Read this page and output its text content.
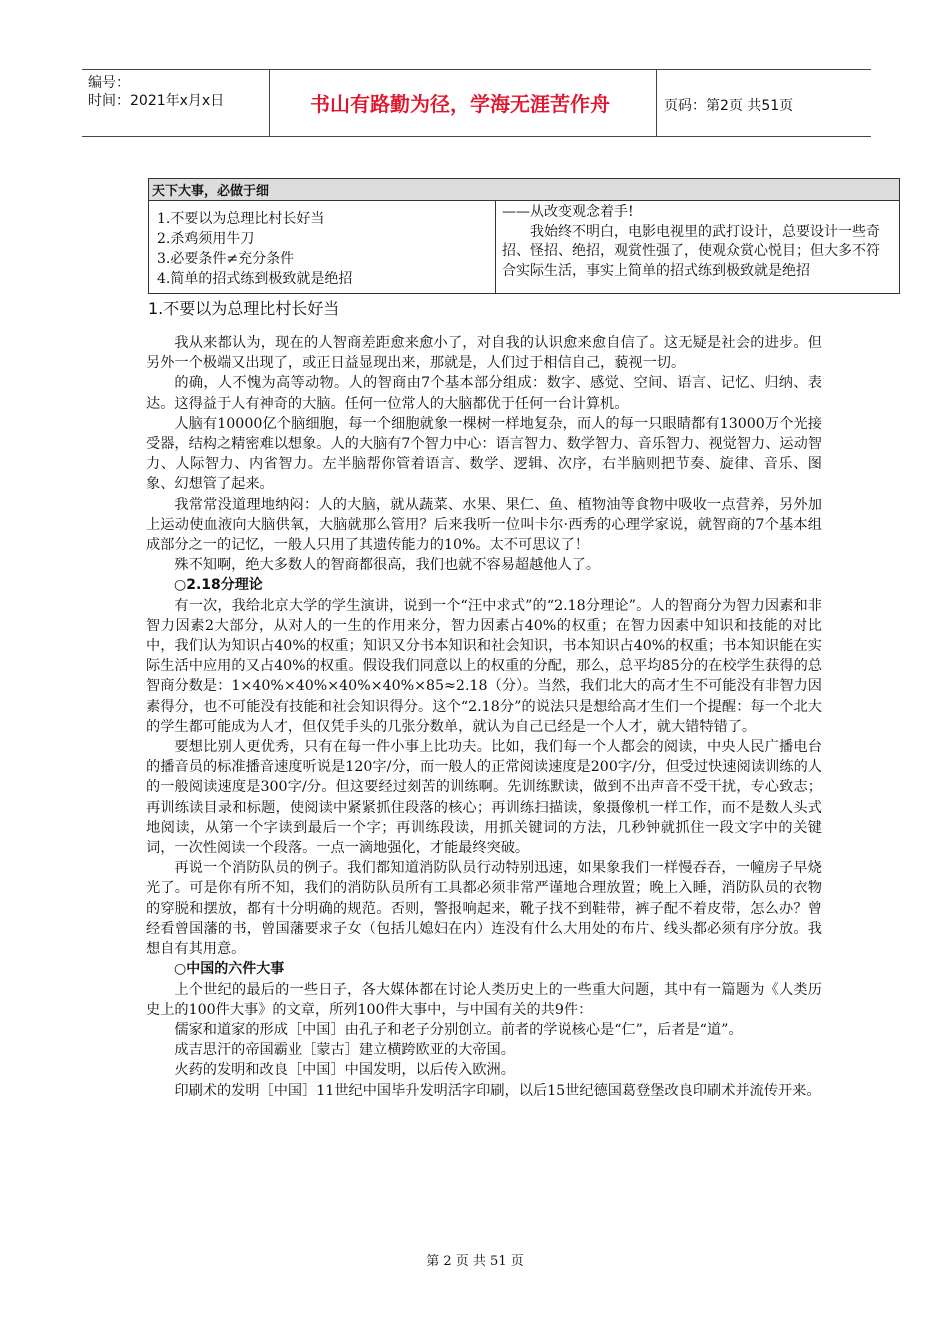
编号：
时间：2021年x月x日	书山有路勤为径，学海无涯苦作舟	页码：第2页 共51页
天下大事，必做于细

1.不要以为总理比村长好当
2.杀鸡须用牛刀
3.必要条件≠充分条件
4.简单的招式练到极致就是绝招

——从改变观念着手!
我始终不明白，电影电视里的武打设计，总要设计一些奇招、怪招、绝招，观赏性强了，使观众赏心悦目；但大多不符合实际生活，事实上简单的招式练到极致就是绝招
1.不要以为总理比村长好当

我从来都认为，现在的人智商差距愈来愈小了，对自我的认识愈来愈自信了。这无疑是社会的进步。但另外一个极端又出现了，或正日益显现出来，那就是，人们过于相信自己，藐视一切。

的确，人不愧为高等动物。人的智商由7个基本部分组成：数字、感觉、空间、语言、记忆、归纳、表达。这得益于人有神奇的大脑。任何一位常人的大脑都优于任何一台计算机。

人脑有10000亿个脑细胞，每一个细胞就象一棵树一样地复杂，而人的每一只眼睛都有13000万个光接受器，结构之精密难以想象。人的大脑有7个智力中心：语言智力、数学智力、音乐智力、视觉智力、运动智力、人际智力、内省智力。左半脑帮你管着语言、数学、逻辑、次序，右半脑则把节奏、旋律、音乐、图象、幻想管了起来。

我常常没道理地纳闷：人的大脑，就从蔬菜、水果、果仁、鱼、植物油等食物中吸收一点营养，另外加上运动使血液向大脑供氧，大脑就那么管用？后来我听一位叫卡尔·西秀的心理学家说，就智商的7个基本组成部分之一的记忆，一般人只用了其遗传能力的10%。太不可思议了！

殊不知啊，绝大多数人的智商都很高，我们也就不容易超越他人了。

○2.18分理论

有一次，我给北京大学的学生演讲，说到一个“汪中求式”的“2.18分理论”。人的智商分为智力因素和非智力因素2大部分，从对人的一生的作用来分，智力因素占40%的权重；在智力因素中知识和技能的对比中，我们认为知识占40%的权重；知识又分书本知识和社会知识，书本知识占40%的权重；书本知识能在实际生活中应用的又占40%的权重。假设我们同意以上的权重的分配，那么，总平均85分的在校学生获得的总智商分数是：1×40%×40%×40%×40%×85≈2.18（分）。当然，我们北大的高才生不可能没有非智力因素得分，也不可能没有技能和社会知识得分。这个“2.18分”的说法只是想给高才生们一个提醒：每一个北大的学生都可能成为人才，但仅凭手头的几张分数单，就认为自己已经是一个人才，就大错特错了。

要想比别人更优秀，只有在每一件小事上比功夫。比如，我们每一个人都会的阅读，中央人民广播电台的播音员的标准播音速度听说是120字/分，而一般人的正常阅读速度是200字/分，但受过快速阅读训练的人的一般阅读速度是300字/分。但这要经过刻苦的训练啊。先训练默读，做到不出声音不受干扰，专心致志；再训练读目录和标题，使阅读中紧紧抓住段落的核心；再训练扫描读，象摄像机一样工作，而不是数人头式地阅读，从第一个字读到最后一个字；再训练段读，用抓关键词的方法，几秒钟就抓住一段文字中的关键词，一次性阅读一个段落。一点一滴地强化，才能最终突破。

再说一个消防队员的例子。我们都知道消防队员行动特别迅速，如果象我们一样慢吞吞，一幢房子早烧光了。可是你有所不知，我们的消防队员所有工具都必须非常严谨地合理放置；晚上入睡，消防队员的衣物的穿脱和摆放，都有十分明确的规范。否则，警报响起来，靴子找不到鞋带，裤子配不着皮带，怎么办？曾经看曾国藩的书，曾国藩要求子女（包括儿媳妇在内）连没有什么大用处的布片、线头都必须有序分放。我想自有其用意。

○中国的六件大事

上个世纪的最后的一些日子，各大媒体都在讨论人类历史上的一些重大问题，其中有一篇题为《人类历史上的100件大事》的文章，所列100件大事中，与中国有关的共9件：

儒家和道家的形成［中国］由孔子和老子分别创立。前者的学说核心是“仁”，后者是“道”。

成吉思汗的帝国霸业［蒙古］建立横跨欧亚的大帝国。

火药的发明和改良［中国］中国发明，以后传入欧洲。

印刷术的发明［中国］11世纪中国毕升发明活字印刷，以后15世纪德国葛登堡改良印刷术并流传开来。

第 2 页 共 51 页
